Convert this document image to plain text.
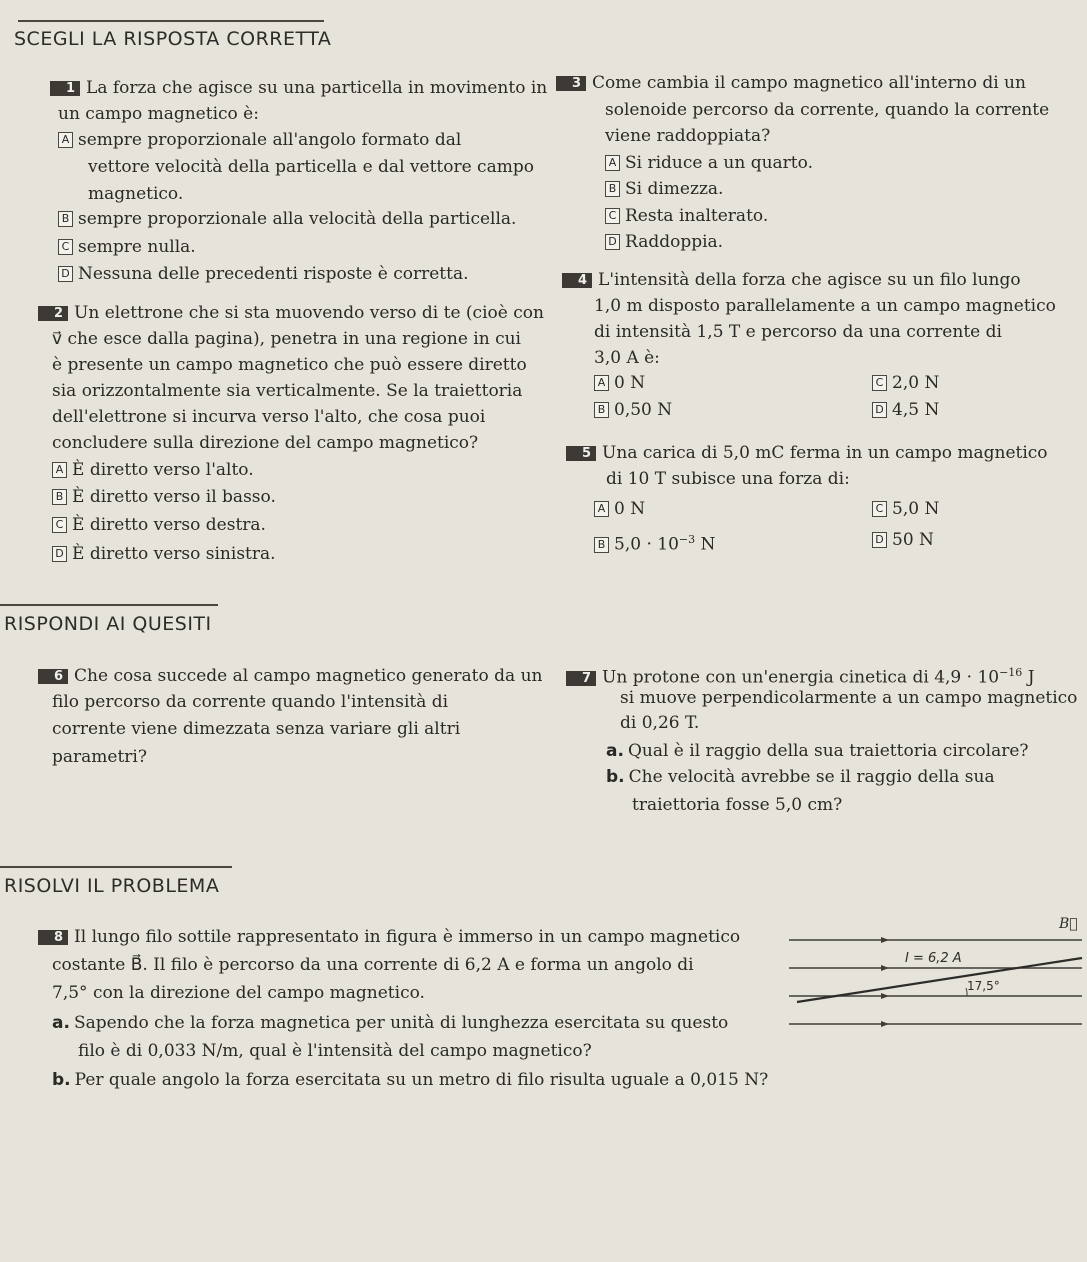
SCEGLI LA RISPOSTA CORRETTA
1 La forza che agisce su una particella in movimento in
un campo magnetico è:
A sempre proporzionale all'angolo formato dal
vettore velocità della particella e dal vettore campo
magnetico.
B sempre proporzionale alla velocità della particella.
C sempre nulla.
D Nessuna delle precedenti risposte è corretta.
2 Un elettrone che si sta muovendo verso di te (cioè con
v⃗ che esce dalla pagina), penetra in una regione in cui
è presente un campo magnetico che può essere diretto
sia orizzontalmente sia verticalmente. Se la traiettoria
dell'elettrone si incurva verso l'alto, che cosa puoi
concludere sulla direzione del campo magnetico?
A È diretto verso l'alto.
B È diretto verso il basso.
C È diretto verso destra.
D È diretto verso sinistra.
3 Come cambia il campo magnetico all'interno di un
solenoide percorso da corrente, quando la corrente
viene raddoppiata?
A Si riduce a un quarto.
B Si dimezza.
C Resta inalterato.
D Raddoppia.
4 L'intensità della forza che agisce su un filo lungo
1,0 m disposto parallelamente a un campo magnetico
di intensità 1,5 T e percorso da una corrente di
3,0 A è:
A 0 N	C 2,0 N
B 0,50 N	D 4,5 N
5 Una carica di 5,0 mC ferma in un campo magnetico
di 10 T subisce una forza di:
A 0 N	C 5,0 N
B $5,0 \cdot 10^{-3}$ N	D 50 N
RISPONDI AI QUESITI
6 Che cosa succede al campo magnetico generato da un
filo percorso da corrente quando l'intensità di
corrente viene dimezzata senza variare gli altri
parametri?
7 Un protone con un'energia cinetica di $4,9 \cdot 10^{-16}$ J
si muove perpendicolarmente a un campo magnetico
di 0,26 T.
a. Qual è il raggio della sua traiettoria circolare?
b. Che velocità avrebbe se il raggio della sua
traiettoria fosse 5,0 cm?
RISOLVI IL PROBLEMA
8 Il lungo filo sottile rappresentato in figura è immerso in un campo magnetico
costante B⃗. Il filo è percorso da una corrente di 6,2 A e forma un angolo di
7,5° con la direzione del campo magnetico.
a. Sapendo che la forza magnetica per unità di lunghezza esercitata su questo
filo è di 0,033 N/m, qual è l'intensità del campo magnetico?
b. Per quale angolo la forza esercitata su un metro di filo risulta uguale a 0,015 N?
B⃗
I = 6,2 A
17,5°
